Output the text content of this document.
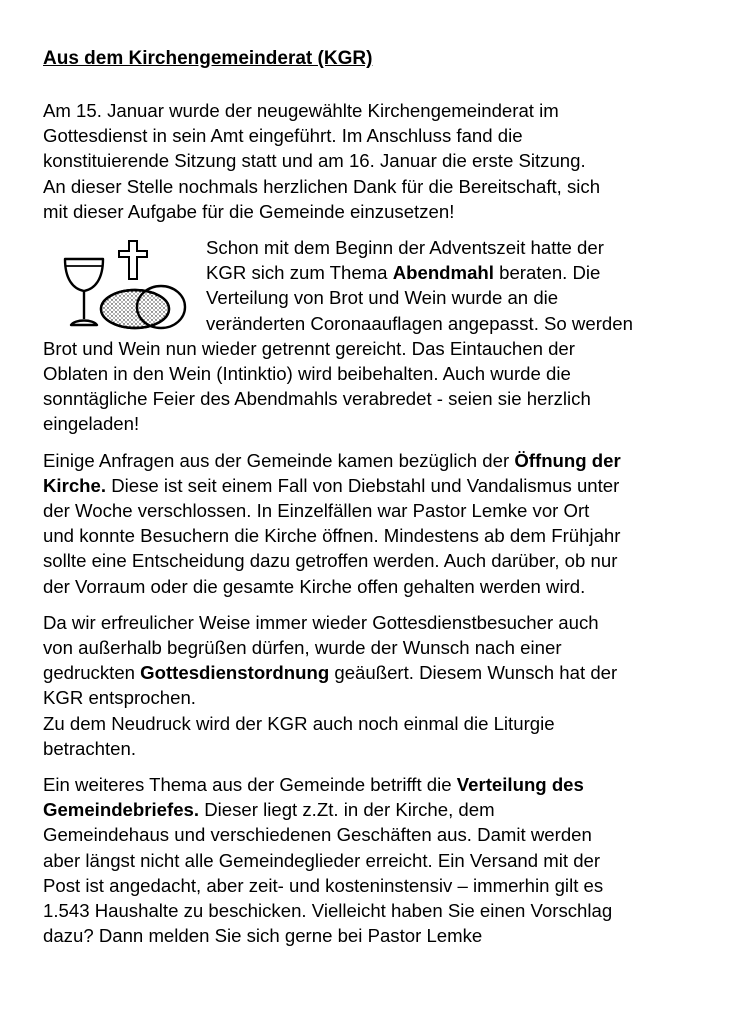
Aus dem Kirchengemeinderat (KGR)
Am 15. Januar wurde der neugewählte Kirchengemeinderat im
Gottesdienst in sein Amt eingeführt. Im Anschluss fand die
konstituierende Sitzung statt und am 16. Januar die erste Sitzung.
An dieser Stelle nochmals herzlichen Dank für die Bereitschaft, sich
mit dieser Aufgabe für die Gemeinde einzusetzen!
Schon mit dem Beginn der Adventszeit hatte der
KGR sich zum Thema Abendmahl beraten. Die
Verteilung von Brot und Wein wurde an die
veränderten Coronaauflagen angepasst. So werden
Brot und Wein nun wieder getrennt gereicht. Das Eintauchen der
Oblaten in den Wein (Intinktio) wird beibehalten. Auch wurde die
sonntägliche Feier des Abendmahls verabredet - seien sie herzlich
eingeladen!
Einige Anfragen aus der Gemeinde kamen bezüglich der Öffnung der
Kirche. Diese ist seit einem Fall von Diebstahl und Vandalismus unter
der Woche verschlossen. In Einzelfällen war Pastor Lemke vor Ort
und konnte Besuchern die Kirche öffnen. Mindestens ab dem Frühjahr
sollte eine Entscheidung dazu getroffen werden. Auch darüber, ob nur
der Vorraum oder die gesamte Kirche offen gehalten werden wird.
Da wir erfreulicher Weise immer wieder Gottesdienstbesucher auch
von außerhalb begrüßen dürfen, wurde der Wunsch nach einer
gedruckten Gottesdienstordnung geäußert. Diesem Wunsch hat der
KGR entsprochen.
Zu dem Neudruck wird der KGR auch noch einmal die Liturgie
betrachten.
Ein weiteres Thema aus der Gemeinde betrifft die Verteilung des
Gemeindebriefes. Dieser liegt z.Zt. in der Kirche, dem
Gemeindehaus und verschiedenen Geschäften aus. Damit werden
aber längst nicht alle Gemeindeglieder erreicht. Ein Versand mit der
Post ist angedacht, aber zeit- und kosteninstensiv – immerhin gilt es
1.543 Haushalte zu beschicken. Vielleicht haben Sie einen Vorschlag
dazu? Dann melden Sie sich gerne bei Pastor Lemke
